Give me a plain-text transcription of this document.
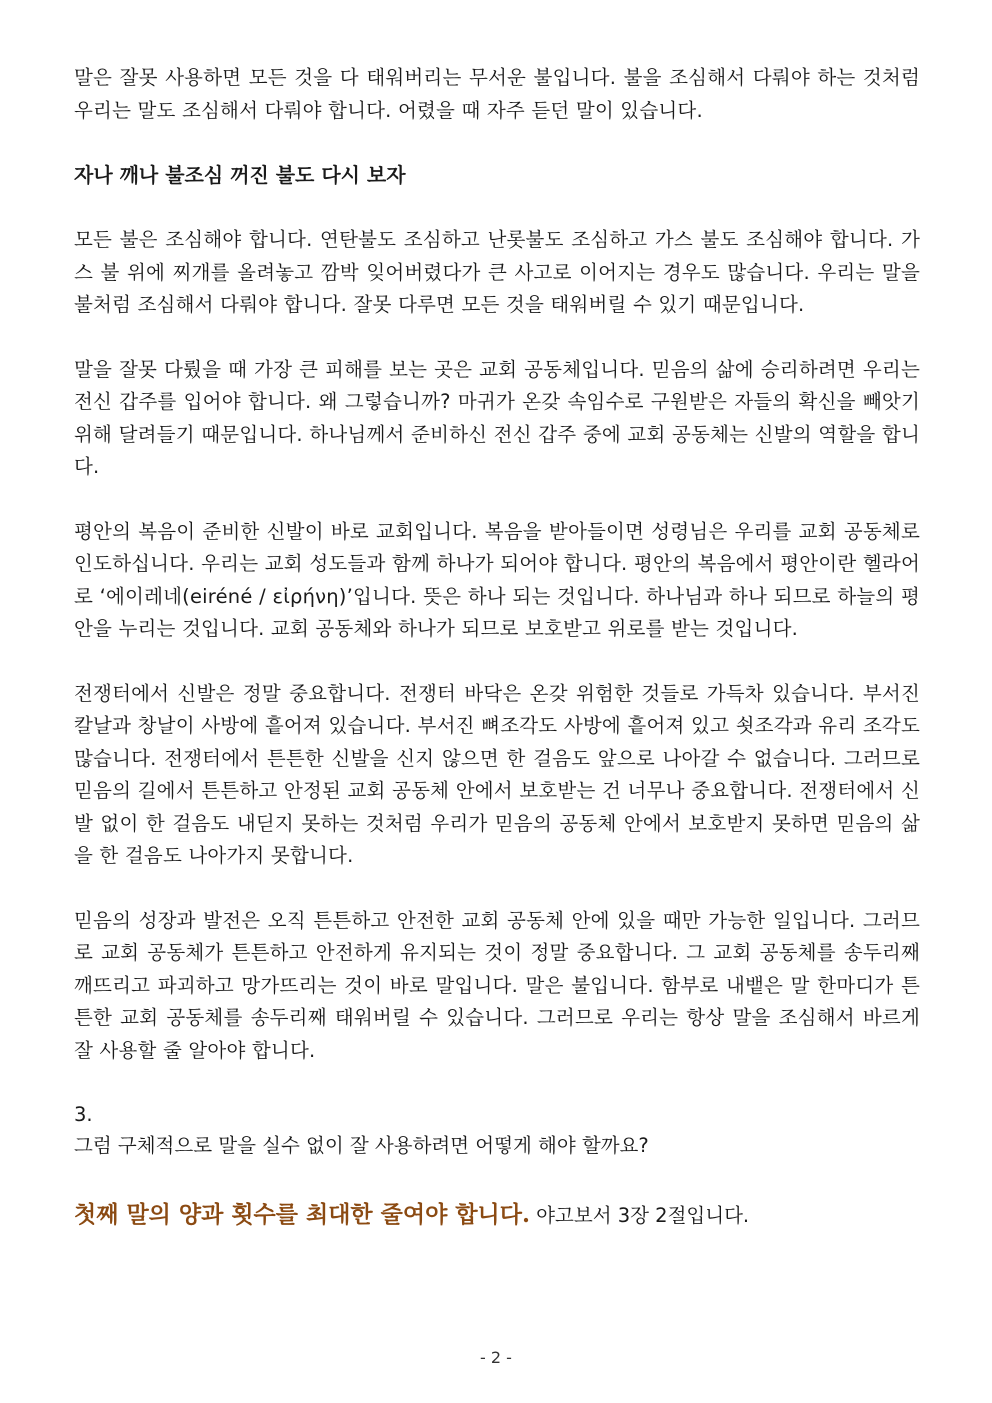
말은 잘못 사용하면 모든 것을 다 태워버리는 무서운 불입니다. 불을 조심해서 다뤄야 하는 것처럼 우리는 말도 조심해서 다뤄야 합니다. 어렸을 때 자주 듣던 말이 있습니다.

자나 깨나 불조심 꺼진 불도 다시 보자

모든 불은 조심해야 합니다. 연탄불도 조심하고 난롯불도 조심하고 가스 불도 조심해야 합니다. 가스 불 위에 찌개를 올려놓고 깜박 잊어버렸다가 큰 사고로 이어지는 경우도 많습니다. 우리는 말을 불처럼 조심해서 다뤄야 합니다. 잘못 다루면 모든 것을 태워버릴 수 있기 때문입니다.

말을 잘못 다뤘을 때 가장 큰 피해를 보는 곳은 교회 공동체입니다. 믿음의 삶에 승리하려면 우리는 전신 갑주를 입어야 합니다. 왜 그렇습니까? 마귀가 온갖 속임수로 구원받은 자들의 확신을 빼앗기 위해 달려들기 때문입니다. 하나님께서 준비하신 전신 갑주 중에 교회 공동체는 신발의 역할을 합니다.

평안의 복음이 준비한 신발이 바로 교회입니다. 복음을 받아들이면 성령님은 우리를 교회 공동체로 인도하십니다. 우리는 교회 성도들과 함께 하나가 되어야 합니다. 평안의 복음에서 평안이란 헬라어로 ‘에이레네(eiréné / εἰρήνη)’입니다. 뜻은 하나 되는 것입니다. 하나님과 하나 되므로 하늘의 평안을 누리는 것입니다. 교회 공동체와 하나가 되므로 보호받고 위로를 받는 것입니다.

전쟁터에서 신발은 정말 중요합니다. 전쟁터 바닥은 온갖 위험한 것들로 가득차 있습니다. 부서진 칼날과 창날이 사방에 흩어져 있습니다. 부서진 뼈조각도 사방에 흩어져 있고 쇳조각과 유리 조각도 많습니다. 전쟁터에서 튼튼한 신발을 신지 않으면 한 걸음도 앞으로 나아갈 수 없습니다. 그러므로 믿음의 길에서 튼튼하고 안정된 교회 공동체 안에서 보호받는 건 너무나 중요합니다. 전쟁터에서 신발 없이 한 걸음도 내딛지 못하는 것처럼 우리가 믿음의 공동체 안에서 보호받지 못하면 믿음의 삶을 한 걸음도 나아가지 못합니다.

믿음의 성장과 발전은 오직 튼튼하고 안전한 교회 공동체 안에 있을 때만 가능한 일입니다. 그러므로 교회 공동체가 튼튼하고 안전하게 유지되는 것이 정말 중요합니다. 그 교회 공동체를 송두리째 깨뜨리고 파괴하고 망가뜨리는 것이 바로 말입니다. 말은 불입니다. 함부로 내뱉은 말 한마디가 튼튼한 교회 공동체를 송두리째 태워버릴 수 있습니다. 그러므로 우리는 항상 말을 조심해서 바르게 잘 사용할 줄 알아야 합니다.

3.

그럼 구체적으로 말을 실수 없이 잘 사용하려면 어떻게 해야 할까요?

첫째 말의 양과 횟수를 최대한 줄여야 합니다. 야고보서 3장 2절입니다.

- 2 -
